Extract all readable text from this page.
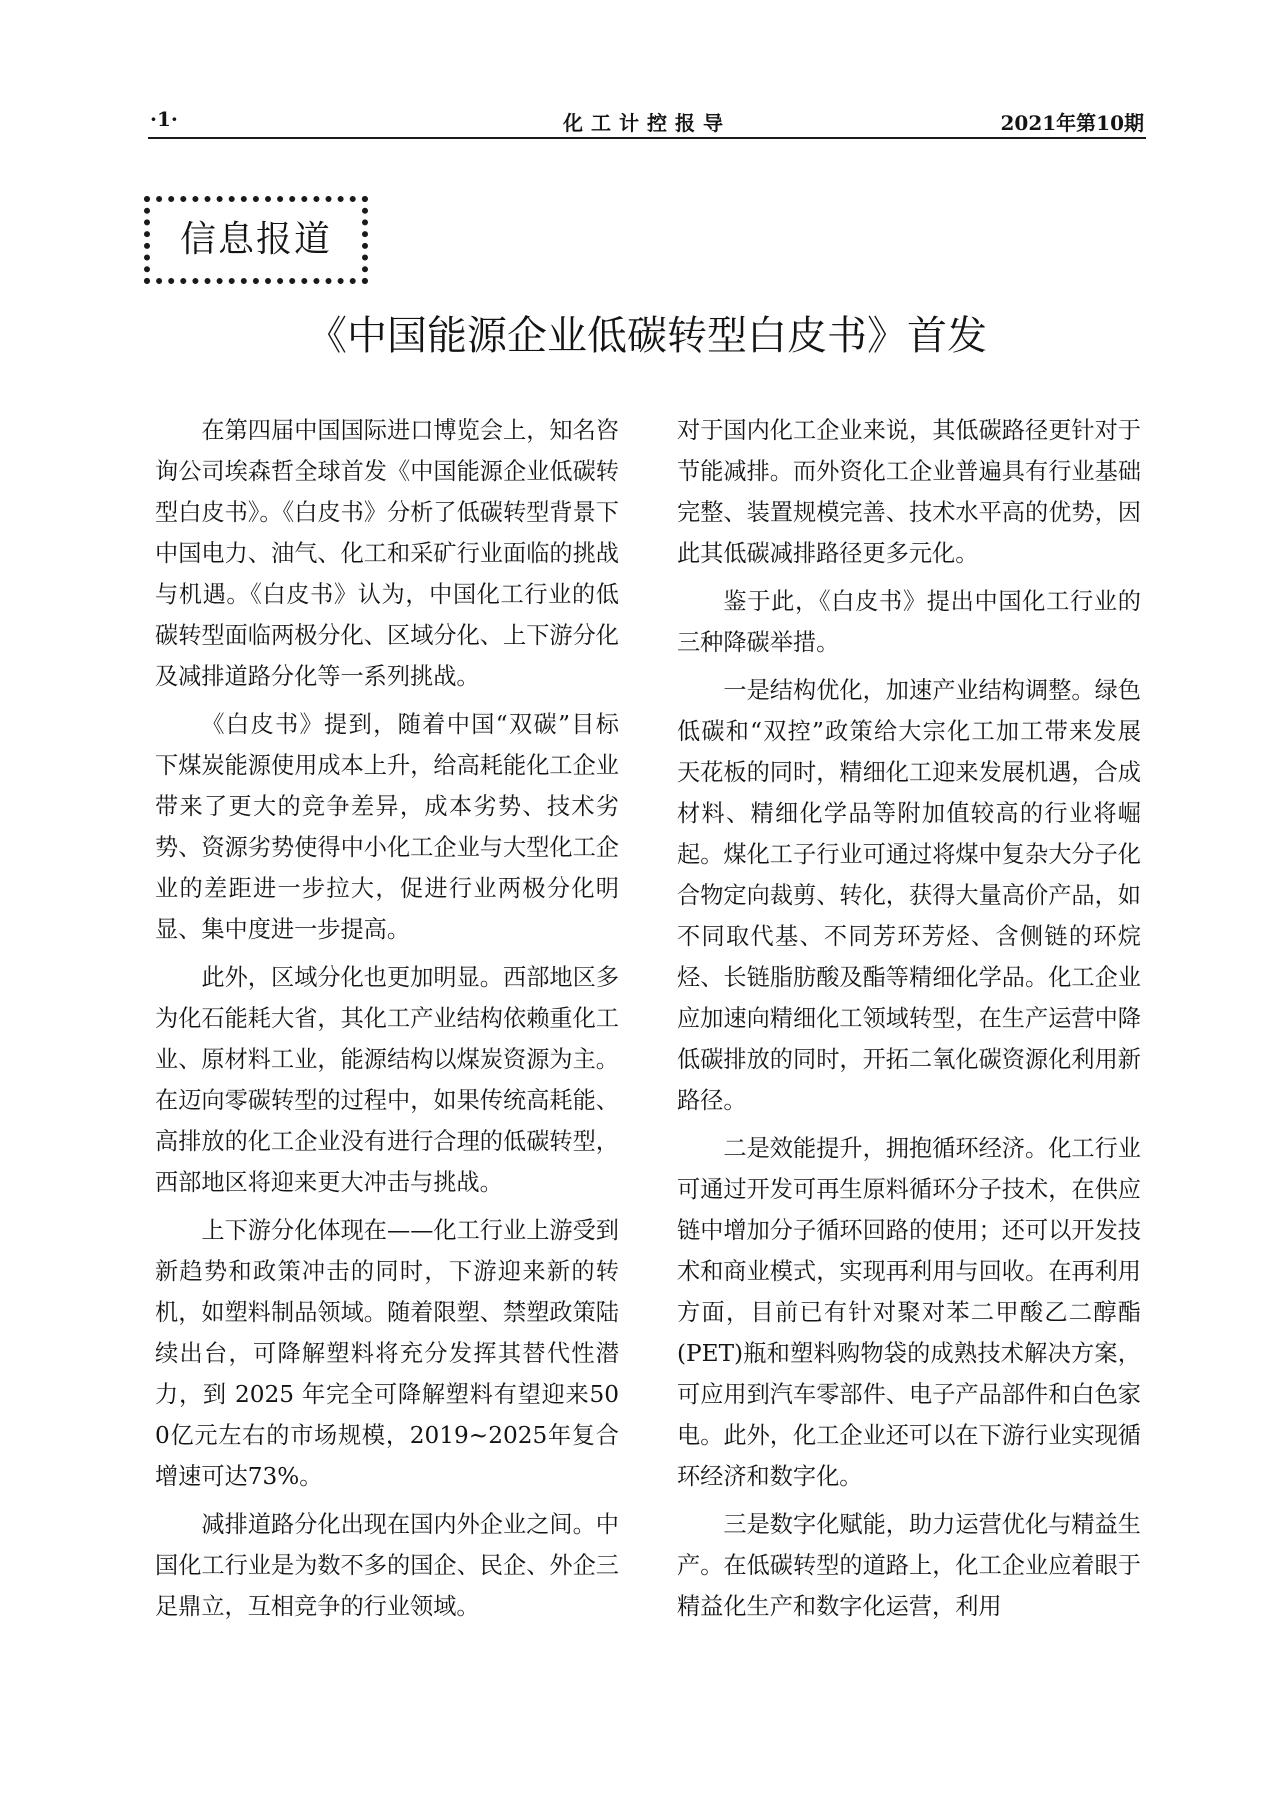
·1·	化工计控报导	2021年第10期
信息报道
《中国能源企业低碳转型白皮书》首发

在第四届中国国际进口博览会上，知名咨询公司埃森哲全球首发《中国能源企业低碳转型白皮书》。《白皮书》分析了低碳转型背景下中国电力、油气、化工和采矿行业面临的挑战与机遇。《白皮书》认为，中国化工行业的低碳转型面临两极分化、区域分化、上下游分化及减排道路分化等一系列挑战。

《白皮书》提到，随着中国“双碳”目标下煤炭能源使用成本上升，给高耗能化工企业带来了更大的竞争差异，成本劣势、技术劣势、资源劣势使得中小化工企业与大型化工企业的差距进一步拉大，促进行业两极分化明显、集中度进一步提高。

此外，区域分化也更加明显。西部地区多为化石能耗大省，其化工产业结构依赖重化工业、原材料工业，能源结构以煤炭资源为主。在迈向零碳转型的过程中，如果传统高耗能、高排放的化工企业没有进行合理的低碳转型，西部地区将迎来更大冲击与挑战。

上下游分化体现在——化工行业上游受到新趋势和政策冲击的同时，下游迎来新的转机，如塑料制品领域。随着限塑、禁塑政策陆续出台，可降解塑料将充分发挥其替代性潜力，到 2025 年完全可降解塑料有望迎来500亿元左右的市场规模，2019~2025年复合增速可达73%。

减排道路分化出现在国内外企业之间。中国化工行业是为数不多的国企、民企、外企三足鼎立，互相竞争的行业领域。

对于国内化工企业来说，其低碳路径更针对于节能减排。而外资化工企业普遍具有行业基础完整、装置规模完善、技术水平高的优势，因此其低碳减排路径更多元化。

鉴于此，《白皮书》提出中国化工行业的三种降碳举措。

一是结构优化，加速产业结构调整。绿色低碳和“双控”政策给大宗化工加工带来发展天花板的同时，精细化工迎来发展机遇，合成材料、精细化学品等附加值较高的行业将崛起。煤化工子行业可通过将煤中复杂大分子化合物定向裁剪、转化，获得大量高价产品，如不同取代基、不同芳环芳烃、含侧链的环烷烃、长链脂肪酸及酯等精细化学品。化工企业应加速向精细化工领域转型，在生产运营中降低碳排放的同时，开拓二氧化碳资源化利用新路径。

二是效能提升，拥抱循环经济。化工行业可通过开发可再生原料循环分子技术，在供应链中增加分子循环回路的使用；还可以开发技术和商业模式，实现再利用与回收。在再利用方面，目前已有针对聚对苯二甲酸乙二醇酯(PET)瓶和塑料购物袋的成熟技术解决方案，可应用到汽车零部件、电子产品部件和白色家电。此外，化工企业还可以在下游行业实现循环经济和数字化。

三是数字化赋能，助力运营优化与精益生产。在低碳转型的道路上，化工企业应着眼于精益化生产和数字化运营，利用
